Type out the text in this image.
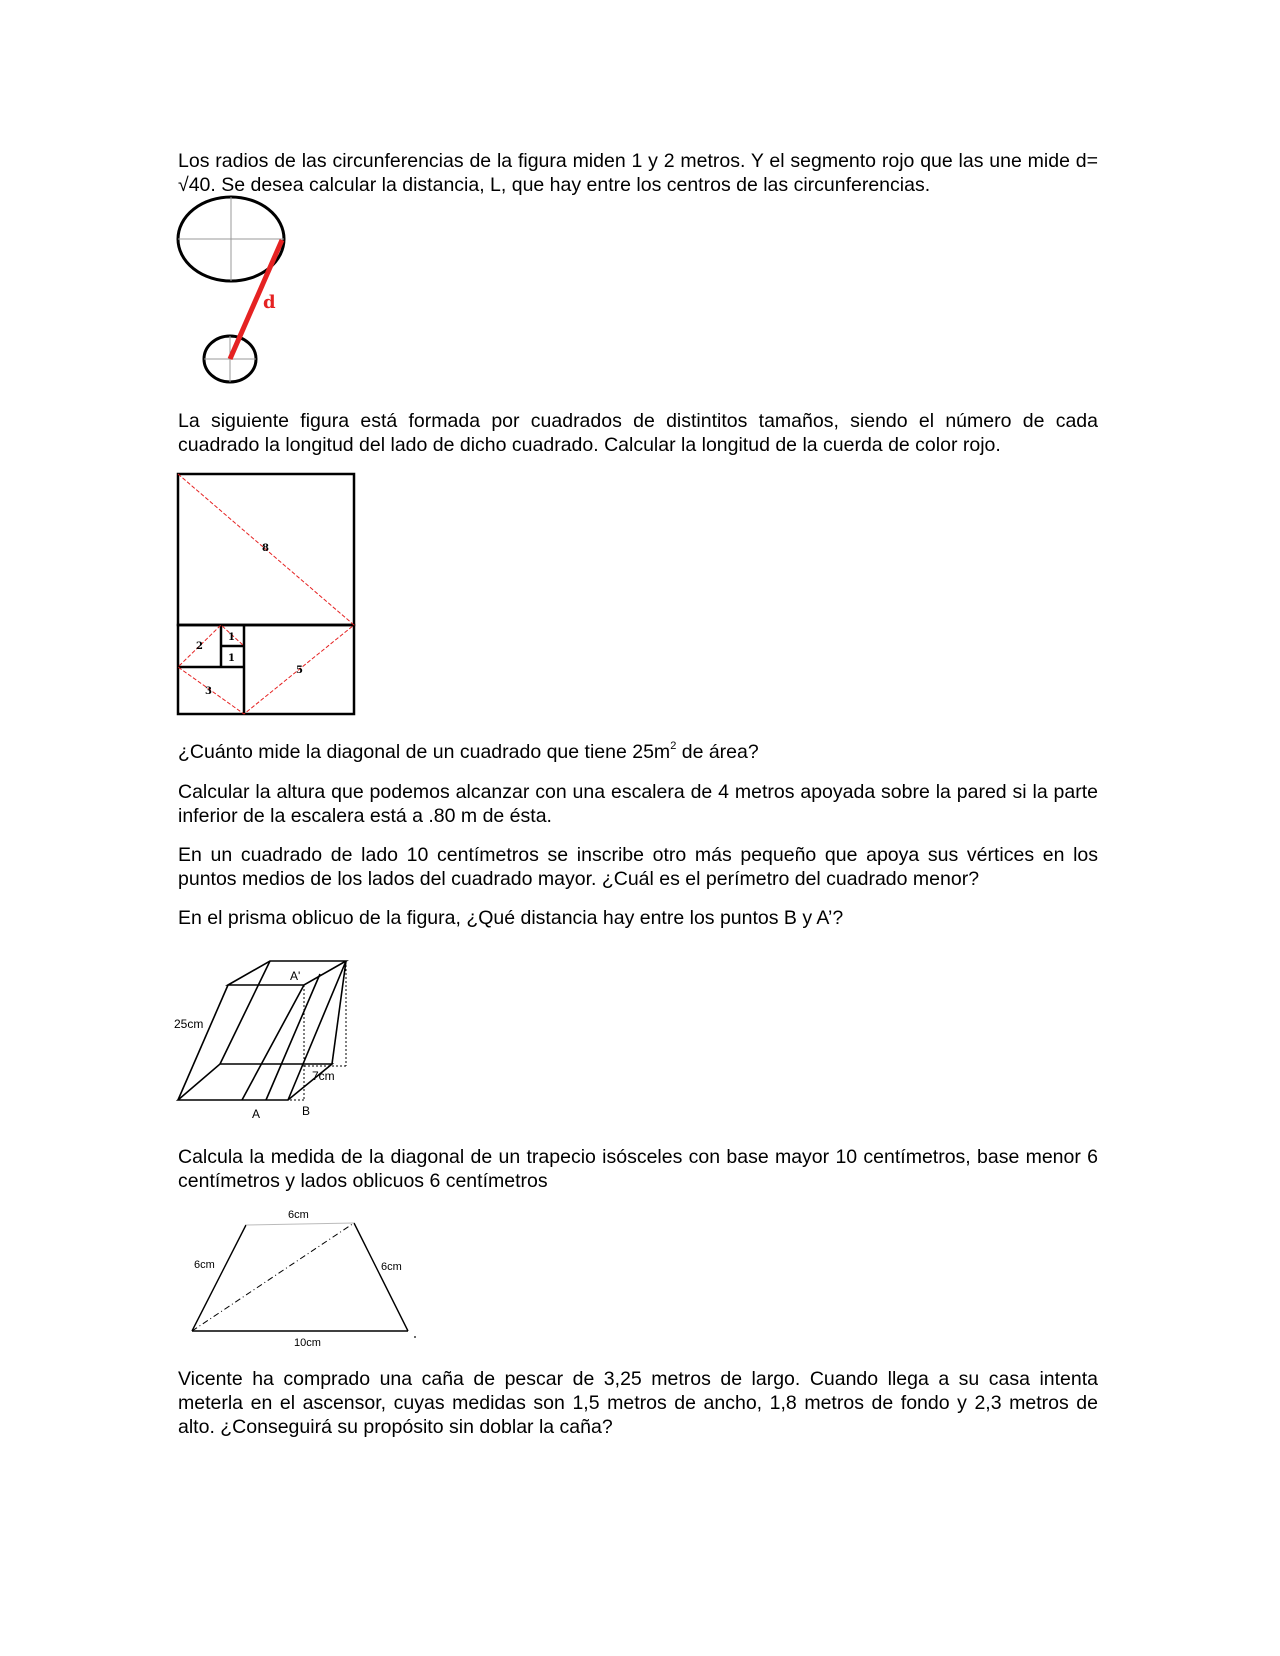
Los radios de las circunferencias de la figura miden 1 y 2 metros. Y el segmento rojo que las une mide d= √40. Se desea calcular la distancia, L, que hay entre los centros de las circunferencias.

d

La siguiente figura está formada por cuadrados de distintitos tamaños, siendo el número de cada cuadrado la longitud del lado de dicho cuadrado. Calcular la longitud de la cuerda de color rojo.

8
2
1
1
3
5

¿Cuánto mide la diagonal de un cuadrado que tiene $25m^2$ de área?

Calcular la altura que podemos alcanzar con una escalera de 4 metros apoyada sobre la pared si la parte inferior de la escalera está a .80 m de ésta.

En un cuadrado de lado 10 centímetros se inscribe otro más pequeño que apoya sus vértices en los puntos medios de los lados del cuadrado mayor. ¿Cuál es el perímetro del cuadrado menor?

En el prisma oblicuo de la figura, ¿Qué distancia hay entre los puntos B y A’?

A'
25cm
7cm
A	B

Calcula la medida de la diagonal de un trapecio isósceles con base mayor 10 centímetros, base menor 6 centímetros y lados oblicuos 6 centímetros

6cm
6cm	6cm
10cm

Vicente ha comprado una caña de pescar de 3,25 metros de largo. Cuando llega a su casa intenta meterla en el ascensor, cuyas medidas son 1,5 metros de ancho, 1,8 metros de fondo y 2,3 metros de alto. ¿Conseguirá su propósito sin doblar la caña?
